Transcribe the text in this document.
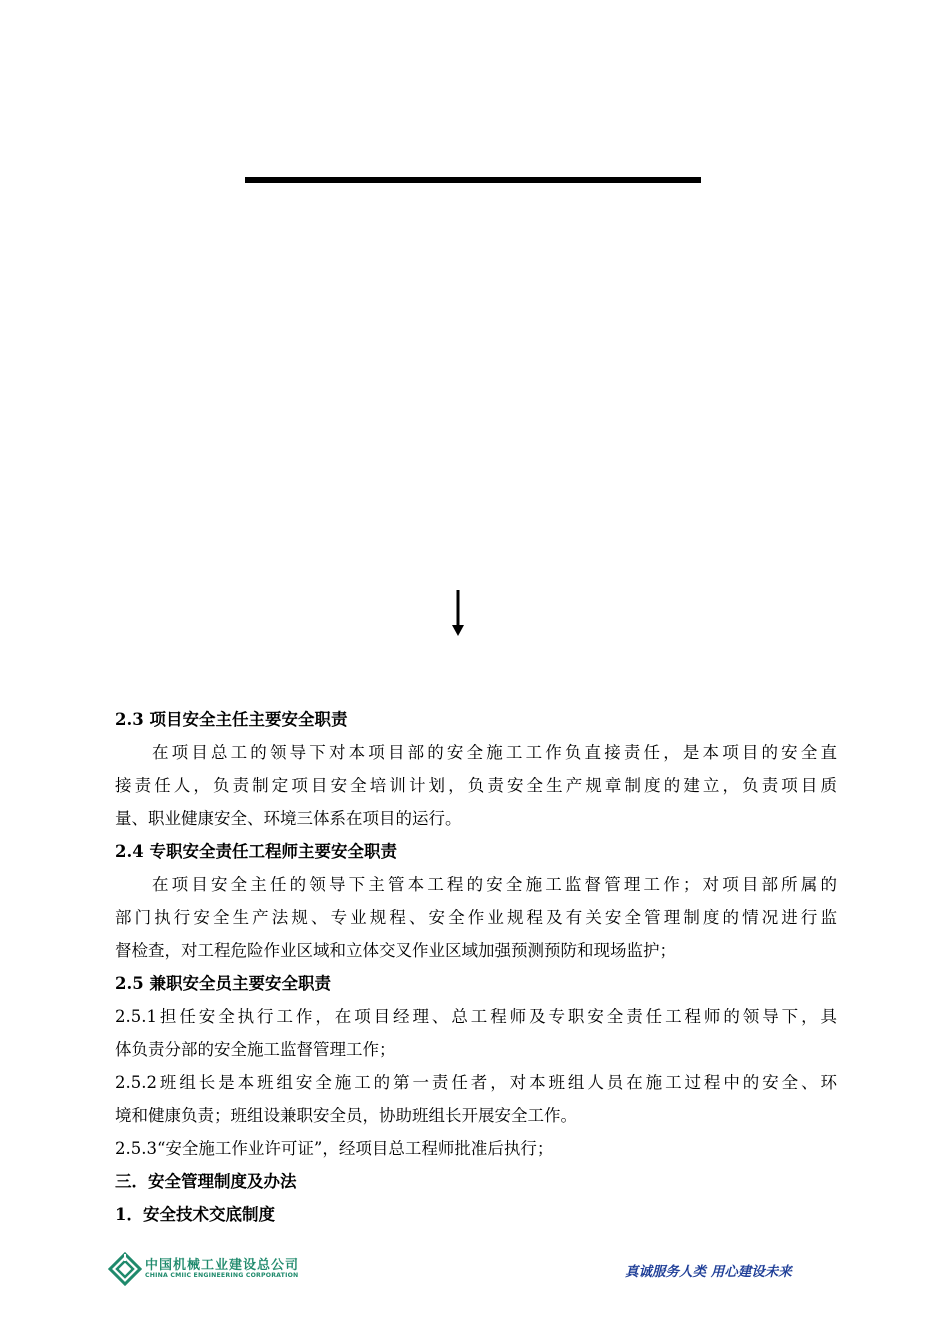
2.3 项目安全主任主要安全职责
在项目总工的领导下对本项目部的安全施工工作负直接责任，是本项目的安全直
接责任人，负责制定项目安全培训计划，负责安全生产规章制度的建立，负责项目质
量、职业健康安全、环境三体系在项目的运行。
2.4 专职安全责任工程师主要安全职责
在项目安全主任的领导下主管本工程的安全施工监督管理工作；对项目部所属的
部门执行安全生产法规、专业规程、安全作业规程及有关安全管理制度的情况进行监
督检查，对工程危险作业区域和立体交叉作业区域加强预测预防和现场监护；
2.5 兼职安全员主要安全职责
2.5.1担任安全执行工作，在项目经理、总工程师及专职安全责任工程师的领导下，具
体负责分部的安全施工监督管理工作；
2.5.2班组长是本班组安全施工的第一责任者，对本班组人员在施工过程中的安全、环
境和健康负责；班组设兼职安全员，协助班组长开展安全工作。
2.5.3“安全施工作业许可证”，经项目总工程师批准后执行；
三．安全管理制度及办法
1．安全技术交底制度
中国机械工业建设总公司
CHINA CMIIC ENGINEERING CORPORATION	真诚服务人类 用心建设未来
